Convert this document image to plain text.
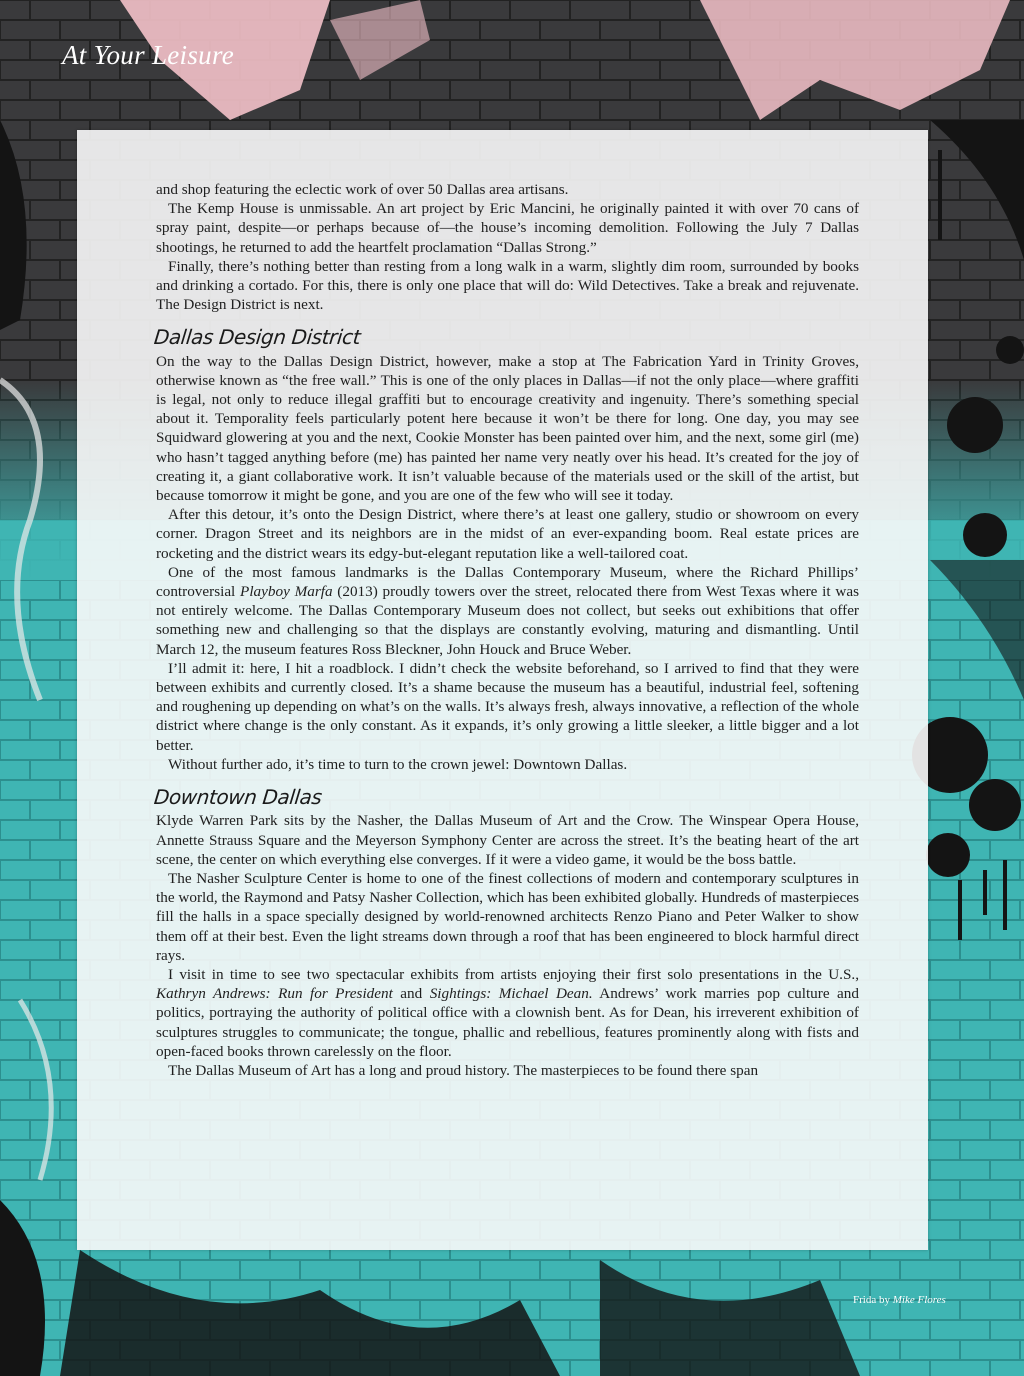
At Your Leisure

and shop featuring the eclectic work of over 50 Dallas area artisans.

The Kemp House is unmissable. An art project by Eric Mancini, he originally painted it with over 70 cans of spray paint, despite—or perhaps because of—the house’s incoming demolition. Following the July 7 Dallas shootings, he returned to add the heartfelt proclamation “Dallas Strong.”

Finally, there’s nothing better than resting from a long walk in a warm, slightly dim room, surrounded by books and drinking a cortado. For this, there is only one place that will do: Wild Detectives. Take a break and rejuvenate. The Design District is next.

Dallas Design District

On the way to the Dallas Design District, however, make a stop at The Fabrication Yard in Trinity Groves, otherwise known as “the free wall.” This is one of the only places in Dallas—if not the only place—where graffiti is legal, not only to reduce illegal graffiti but to encourage creativity and ingenuity. There’s something special about it. Temporality feels particularly potent here because it won’t be there for long. One day, you may see Squidward glowering at you and the next, Cookie Monster has been painted over him, and the next, some girl (me) who hasn’t tagged anything before (me) has painted her name very neatly over his head. It’s created for the joy of creating it, a giant collaborative work. It isn’t valuable because of the materials used or the skill of the artist, but because tomorrow it might be gone, and you are one of the few who will see it today.

After this detour, it’s onto the Design District, where there’s at least one gallery, studio or showroom on every corner. Dragon Street and its neighbors are in the midst of an ever-expanding boom. Real estate prices are rocketing and the district wears its edgy-but-elegant reputation like a well-tailored coat.

One of the most famous landmarks is the Dallas Contemporary Museum, where the Richard Phillips’ controversial Playboy Marfa (2013) proudly towers over the street, relocated there from West Texas where it was not entirely welcome. The Dallas Contemporary Museum does not collect, but seeks out exhibitions that offer something new and challenging so that the displays are constantly evolving, maturing and dismantling. Until March 12, the museum features Ross Bleckner, John Houck and Bruce Weber.

I’ll admit it: here, I hit a roadblock. I didn’t check the website beforehand, so I arrived to find that they were between exhibits and currently closed. It’s a shame because the museum has a beautiful, industrial feel, softening and roughening up depending on what’s on the walls. It’s always fresh, always innovative, a reflection of the whole district where change is the only constant. As it expands, it’s only growing a little sleeker, a little bigger and a lot better.

Without further ado, it’s time to turn to the crown jewel: Downtown Dallas.

Downtown Dallas

Klyde Warren Park sits by the Nasher, the Dallas Museum of Art and the Crow. The Winspear Opera House, Annette Strauss Square and the Meyerson Symphony Center are across the street. It’s the beating heart of the art scene, the center on which everything else converges. If it were a video game, it would be the boss battle.

The Nasher Sculpture Center is home to one of the finest collections of modern and contemporary sculptures in the world, the Raymond and Patsy Nasher Collection, which has been exhibited globally. Hundreds of masterpieces fill the halls in a space specially designed by world-renowned architects Renzo Piano and Peter Walker to show them off at their best. Even the light streams down through a roof that has been engineered to block harmful direct rays.

I visit in time to see two spectacular exhibits from artists enjoying their first solo presentations in the U.S., Kathryn Andrews: Run for President and Sightings: Michael Dean. Andrews’ work marries pop culture and politics, portraying the authority of political office with a clownish bent. As for Dean, his irreverent exhibition of sculptures struggles to communicate; the tongue, phallic and rebellious, features prominently along with fists and open-faced books thrown carelessly on the floor.

The Dallas Museum of Art has a long and proud history. The masterpieces to be found there span

Frida by Mike Flores
